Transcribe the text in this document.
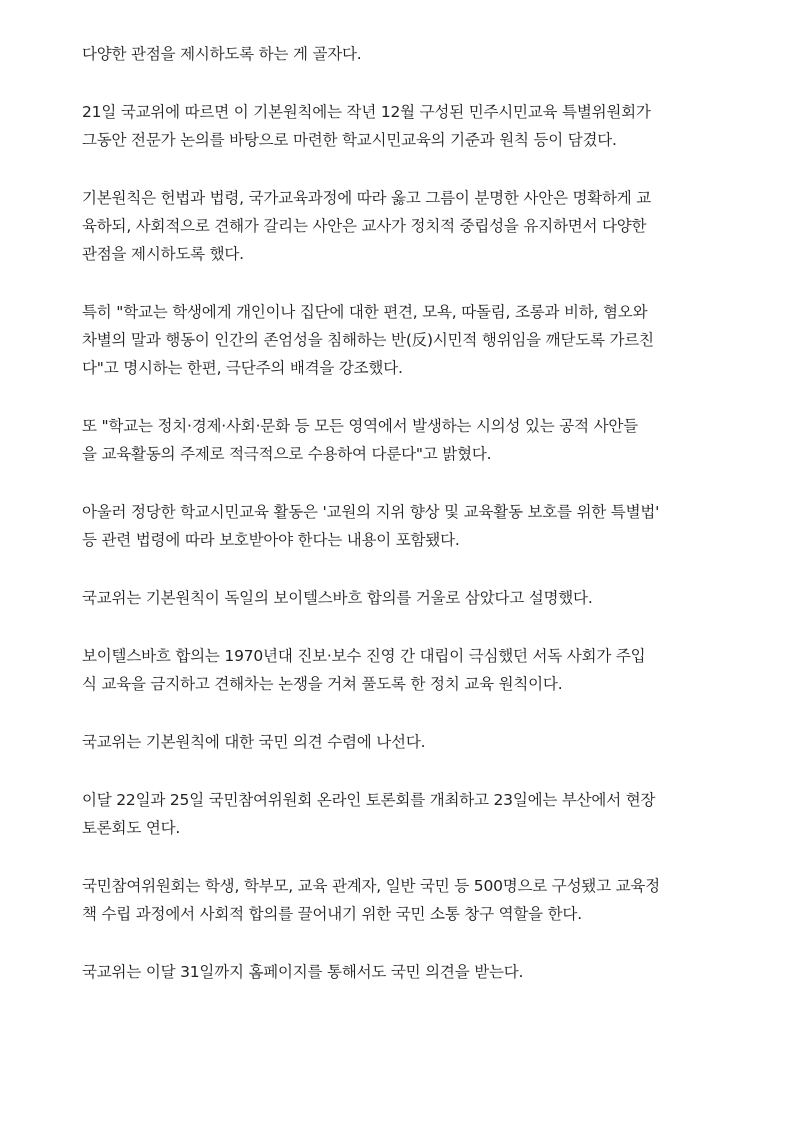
다양한 관점을 제시하도록 하는 게 골자다.

21일 국교위에 따르면 이 기본원칙에는 작년 12월 구성된 민주시민교육 특별위원회가
그동안 전문가 논의를 바탕으로 마련한 학교시민교육의 기준과 원칙 등이 담겼다.

기본원칙은 헌법과 법령, 국가교육과정에 따라 옳고 그름이 분명한 사안은 명확하게 교
육하되, 사회적으로 견해가 갈리는 사안은 교사가 정치적 중립성을 유지하면서 다양한
관점을 제시하도록 했다.

특히 "학교는 학생에게 개인이나 집단에 대한 편견, 모욕, 따돌림, 조롱과 비하, 혐오와
차별의 말과 행동이 인간의 존엄성을 침해하는 반(反)시민적 행위임을 깨닫도록 가르친
다"고 명시하는 한편, 극단주의 배격을 강조했다.

또 "학교는 정치·경제·사회·문화 등 모든 영역에서 발생하는 시의성 있는 공적 사안들
을 교육활동의 주제로 적극적으로 수용하여 다룬다"고 밝혔다.

아울러 정당한 학교시민교육 활동은 '교원의 지위 향상 및 교육활동 보호를 위한 특별법'
등 관련 법령에 따라 보호받아야 한다는 내용이 포함됐다.

국교위는 기본원칙이 독일의 보이텔스바흐 합의를 거울로 삼았다고 설명했다.

보이텔스바흐 합의는 1970년대 진보·보수 진영 간 대립이 극심했던 서독 사회가 주입
식 교육을 금지하고 견해차는 논쟁을 거쳐 풀도록 한 정치 교육 원칙이다.

국교위는 기본원칙에 대한 국민 의견 수렴에 나선다.

이달 22일과 25일 국민참여위원회 온라인 토론회를 개최하고 23일에는 부산에서 현장
토론회도 연다.

국민참여위원회는 학생, 학부모, 교육 관계자, 일반 국민 등 500명으로 구성됐고 교육정
책 수립 과정에서 사회적 합의를 끌어내기 위한 국민 소통 창구 역할을 한다.

국교위는 이달 31일까지 홈페이지를 통해서도 국민 의견을 받는다.
